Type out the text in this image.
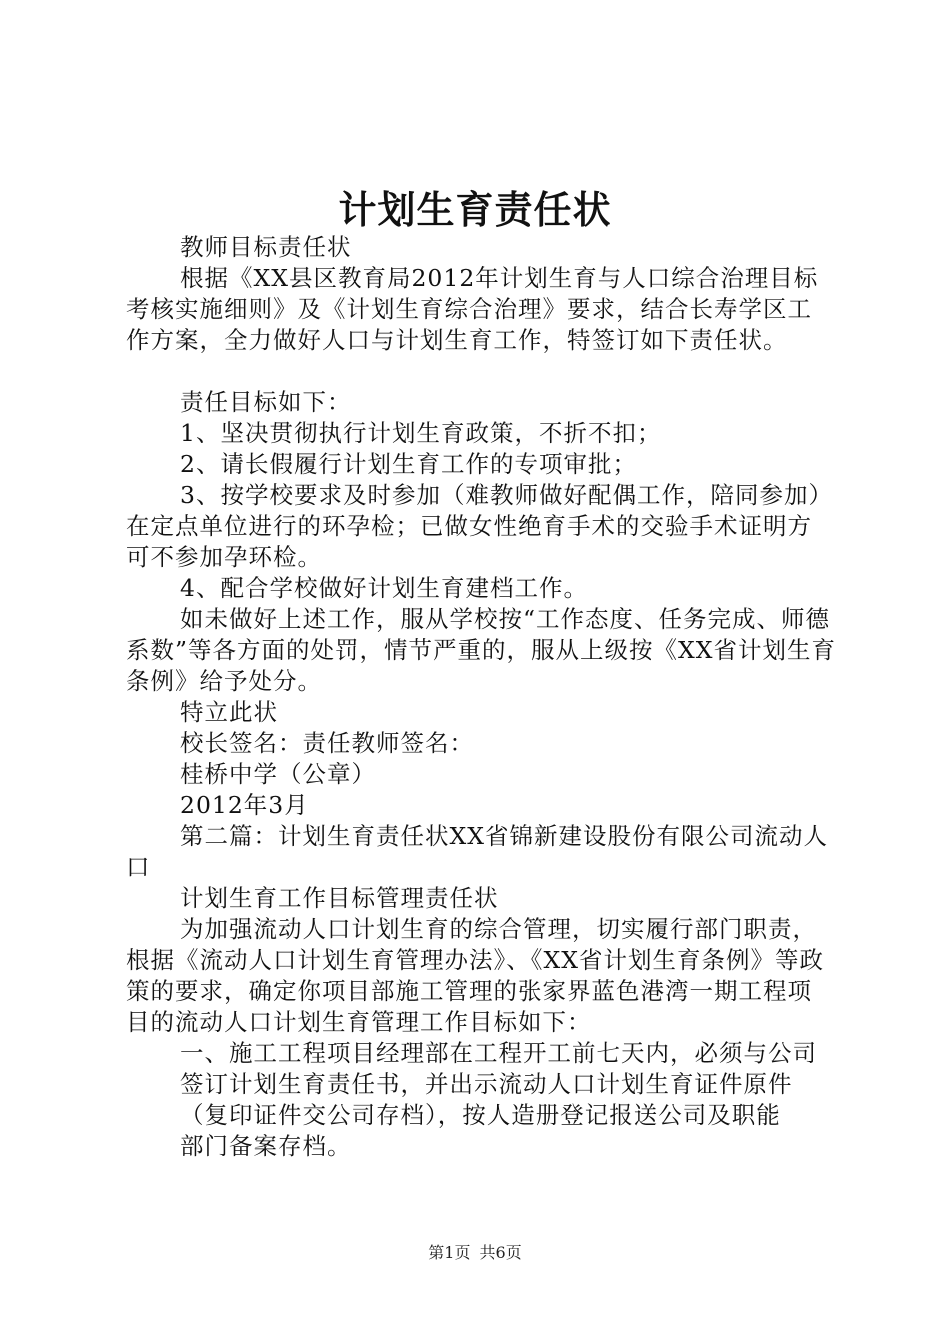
计划生育责任状

教师目标责任状

根据《XX县区教育局2012年计划生育与人口综合治理目标考核实施细则》及《计划生育综合治理》要求，结合长寿学区工作方案，全力做好人口与计划生育工作，特签订如下责任状。

责任目标如下：

1、坚决贯彻执行计划生育政策，不折不扣；

2、请长假履行计划生育工作的专项审批；

3、按学校要求及时参加（难教师做好配偶工作，陪同参加）在定点单位进行的环孕检；已做女性绝育手术的交验手术证明方可不参加孕环检。

4、配合学校做好计划生育建档工作。

如未做好上述工作，服从学校按“工作态度、任务完成、师德系数”等各方面的处罚，情节严重的，服从上级按《XX省计划生育条例》给予处分。

特立此状

校长签名：责任教师签名：

桂桥中学（公章）

2012年3月

第二篇：计划生育责任状XX省锦新建设股份有限公司流动人口

计划生育工作目标管理责任状

为加强流动人口计划生育的综合管理，切实履行部门职责，根据《流动人口计划生育管理办法》、《XX省计划生育条例》等政策的要求，确定你项目部施工管理的张家界蓝色港湾一期工程项目的流动人口计划生育管理工作目标如下：

一、施工工程项目经理部在工程开工前七天内，必须与公司

签订计划生育责任书，并出示流动人口计划生育证件原件（复印证件交公司存档），按人造册登记报送公司及职能部门备案存档。

第1页 共6页
